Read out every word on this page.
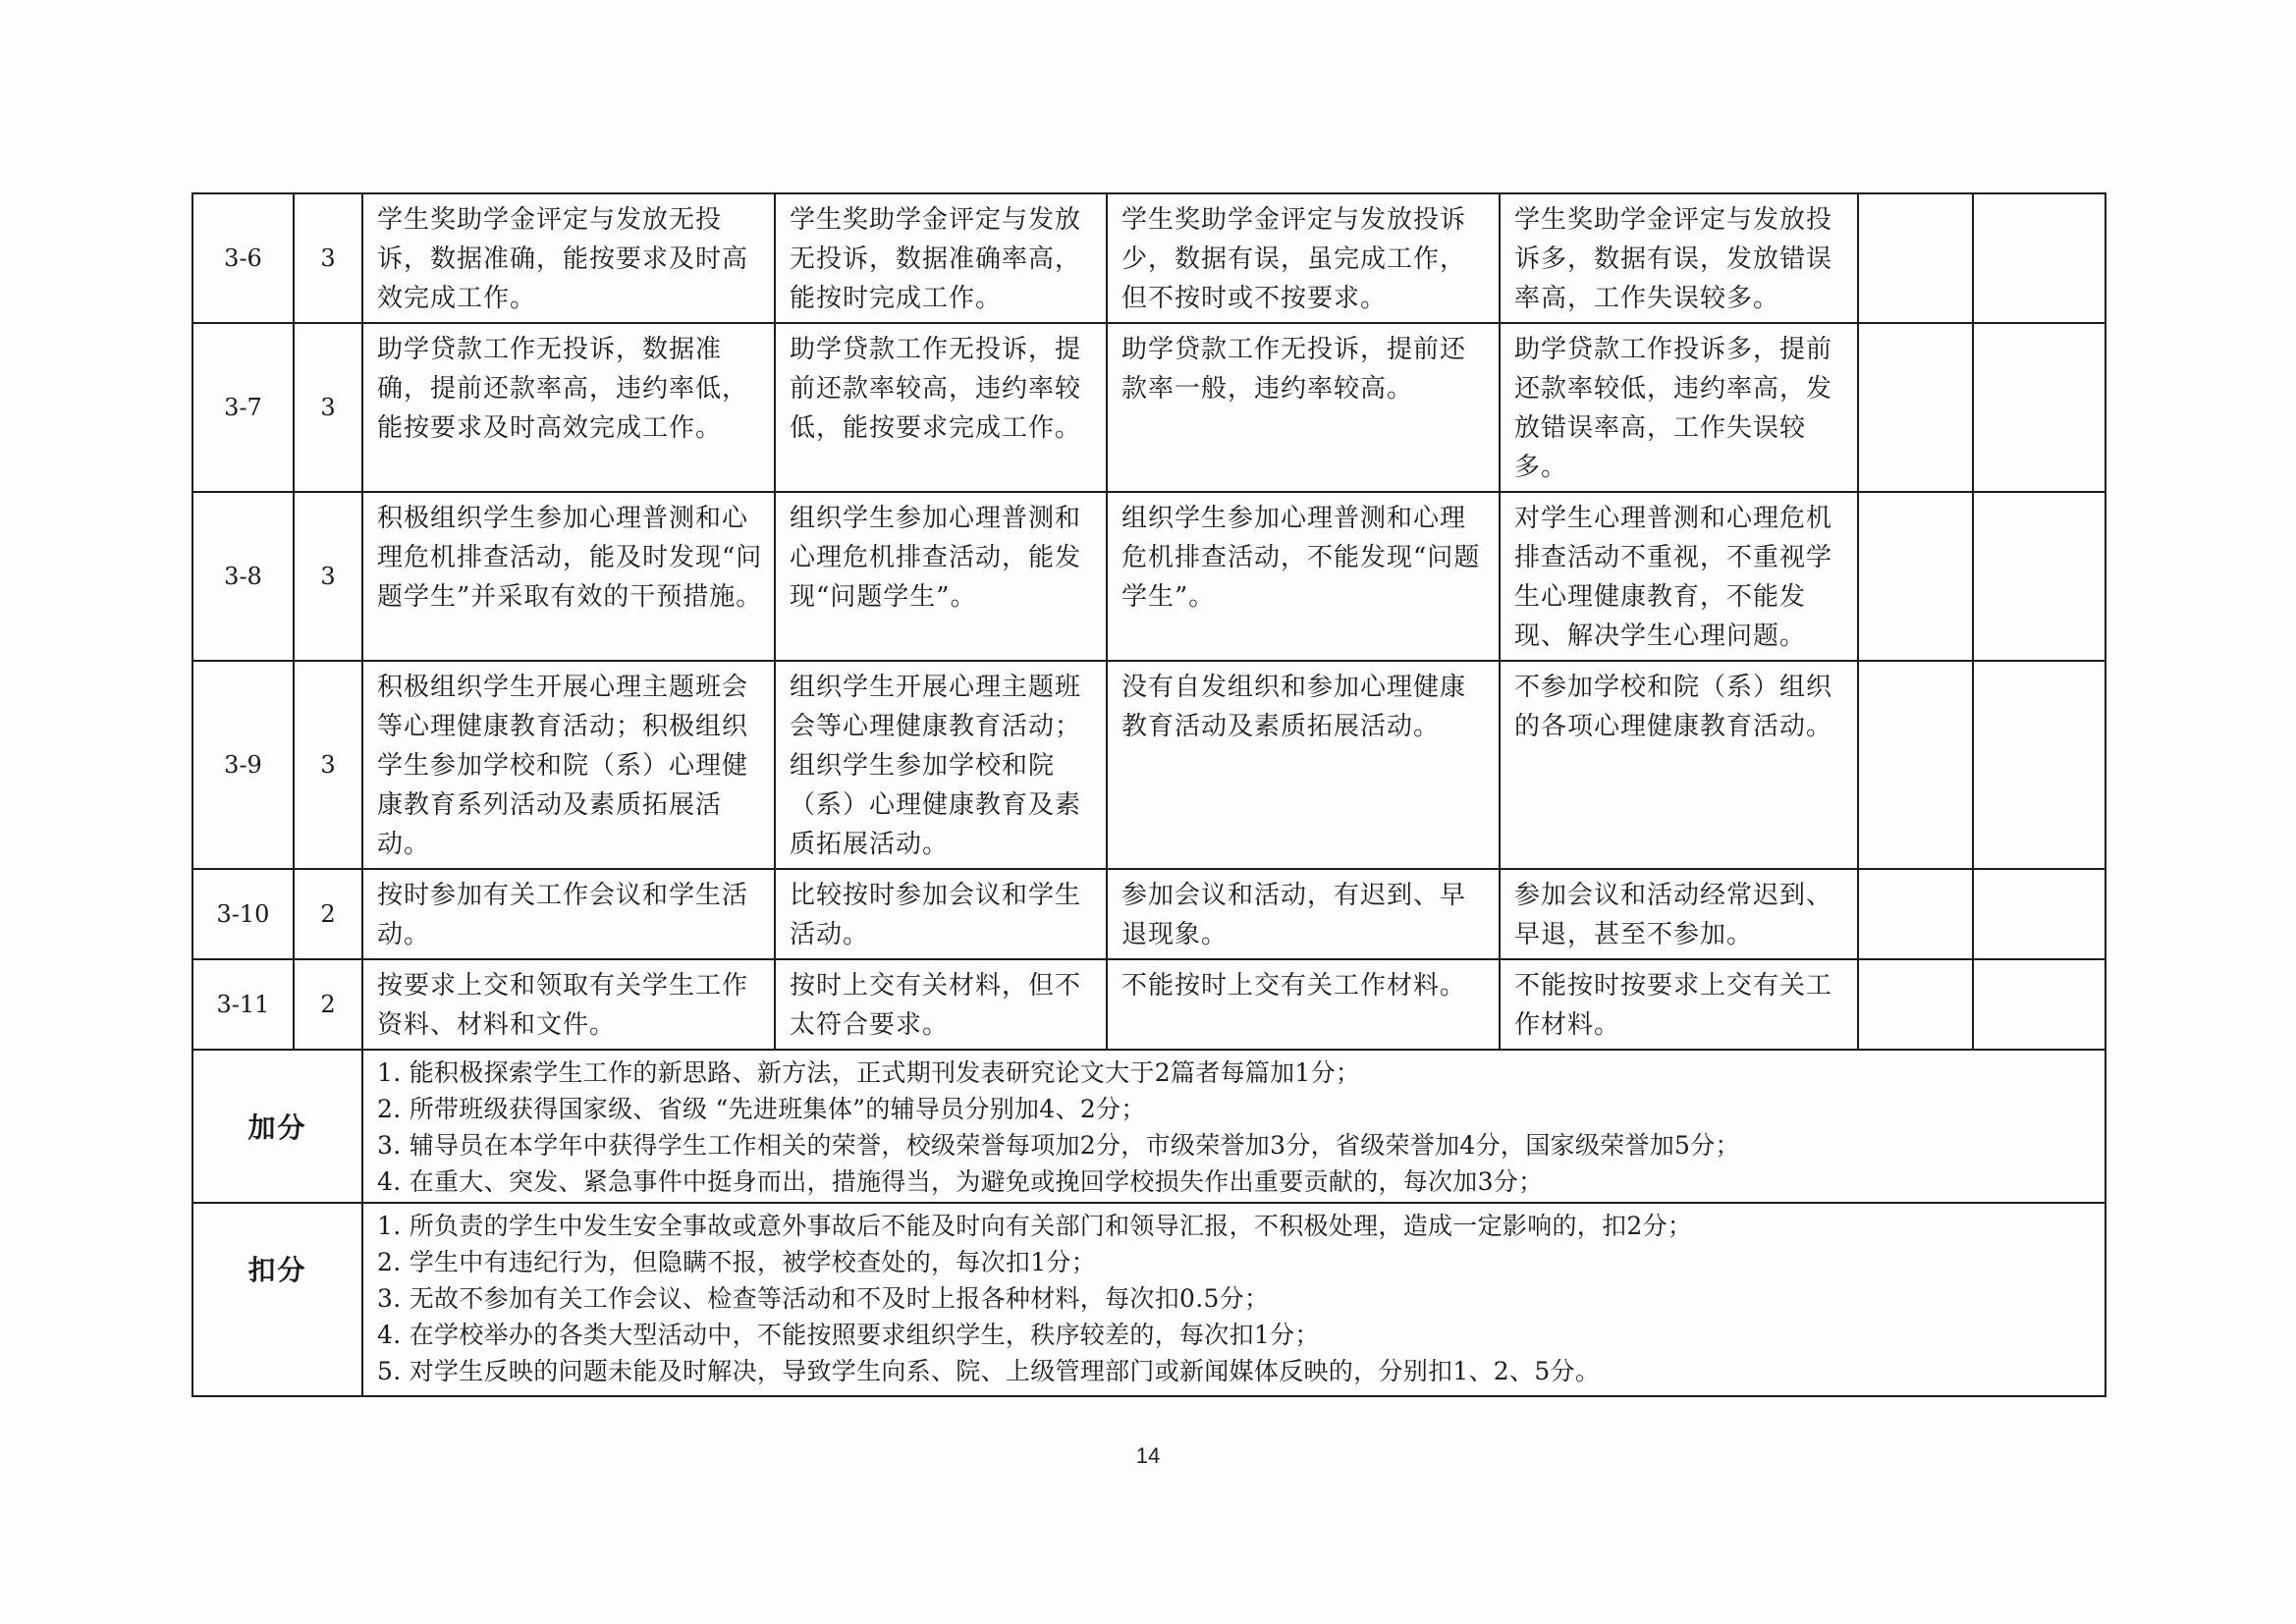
3-6	3	学生奖助学金评定与发放无投诉，数据准确，能按要求及时高效完成工作。	学生奖助学金评定与发放无投诉，数据准确率高，能按时完成工作。	学生奖助学金评定与发放投诉少，数据有误，虽完成工作，但不按时或不按要求。	学生奖助学金评定与发放投诉多，数据有误，发放错误率高，工作失误较多。		
3-7	3	助学贷款工作无投诉，数据准确，提前还款率高，违约率低，能按要求及时高效完成工作。	助学贷款工作无投诉，提前还款率较高，违约率较低，能按要求完成工作。	助学贷款工作无投诉，提前还款率一般，违约率较高。	助学贷款工作投诉多，提前还款率较低，违约率高，发放错误率高，工作失误较多。		
3-8	3	积极组织学生参加心理普测和心理危机排查活动，能及时发现“问题学生”并采取有效的干预措施。	组织学生参加心理普测和心理危机排查活动，能发现“问题学生”。	组织学生参加心理普测和心理危机排查活动，不能发现“问题学生”。	对学生心理普测和心理危机排查活动不重视，不重视学生心理健康教育，不能发现、解决学生心理问题。		
3-9	3	积极组织学生开展心理主题班会等心理健康教育活动；积极组织学生参加学校和院（系）心理健康教育系列活动及素质拓展活动。	组织学生开展心理主题班会等心理健康教育活动；组织学生参加学校和院（系）心理健康教育及素质拓展活动。	没有自发组织和参加心理健康教育活动及素质拓展活动。	不参加学校和院（系）组织的各项心理健康教育活动。		
3-10	2	按时参加有关工作会议和学生活动。	比较按时参加会议和学生活动。	参加会议和活动，有迟到、早退现象。	参加会议和活动经常迟到、早退，甚至不参加。		
3-11	2	按要求上交和领取有关学生工作资料、材料和文件。	按时上交有关材料，但不太符合要求。	不能按时上交有关工作材料。	不能按时按要求上交有关工作材料。		
加分		1. 能积极探索学生工作的新思路、新方法，正式期刊发表研究论文大于2篇者每篇加1分；
2. 所带班级获得国家级、省级 “先进班集体”的辅导员分别加4、2分；
3. 辅导员在本学年中获得学生工作相关的荣誉，校级荣誉每项加2分，市级荣誉加3分，省级荣誉加4分，国家级荣誉加5分；
4. 在重大、突发、紧急事件中挺身而出，措施得当，为避免或挽回学校损失作出重要贡献的，每次加3分；					

扣分		1. 所负责的学生中发生安全事故或意外事故后不能及时向有关部门和领导汇报，不积极处理，造成一定影响的，扣2分；
2. 学生中有违纪行为，但隐瞒不报，被学校查处的，每次扣1分；
3. 无故不参加有关工作会议、检查等活动和不及时上报各种材料，每次扣0.5分；
4. 在学校举办的各类大型活动中，不能按照要求组织学生，秩序较差的，每次扣1分；
5. 对学生反映的问题未能及时解决，导致学生向系、院、上级管理部门或新闻媒体反映的，分别扣1、2、5分。					
14
